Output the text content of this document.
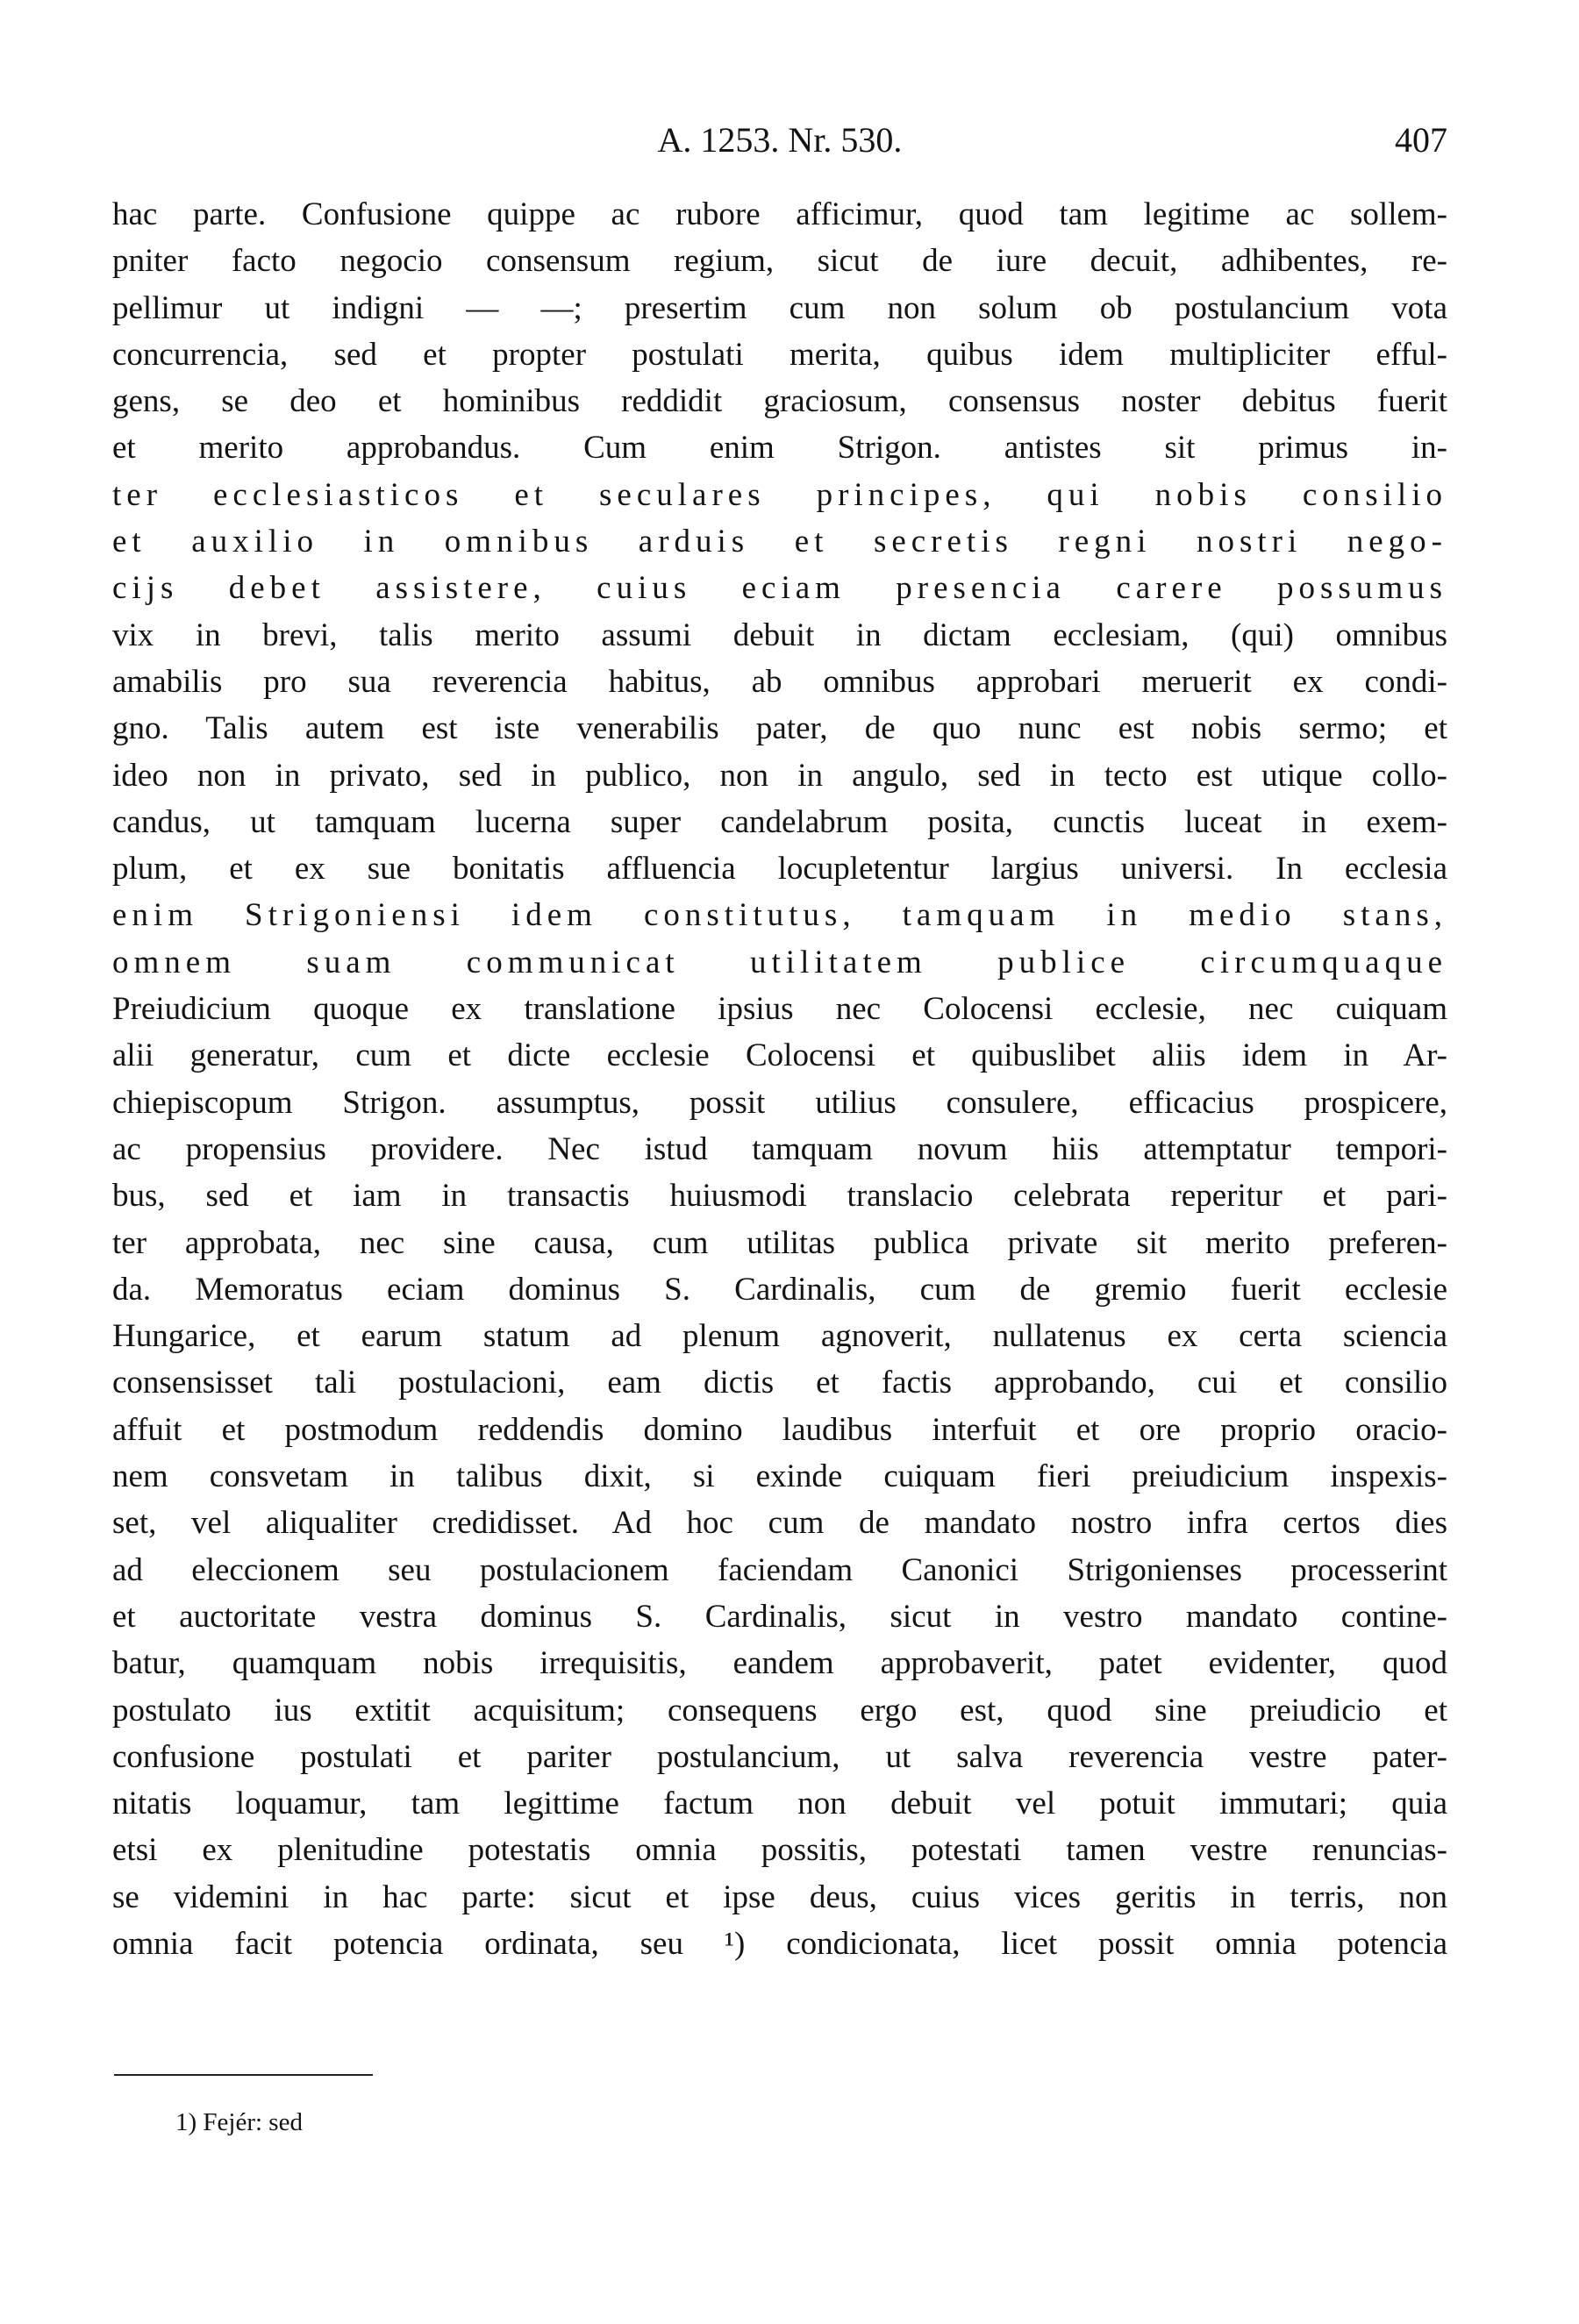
A. 1253. Nr. 530.	407
hac parte. Confusione quippe ac rubore afficimur, quod tam legitime ac sollem-
pniter facto negocio consensum regium, sicut de iure decuit, adhibentes, re-
pellimur ut indigni — —; presertim cum non solum ob postulancium vota
concurrencia, sed et propter postulati merita, quibus idem multipliciter efful-
gens, se deo et hominibus reddidit graciosum, consensus noster debitus fuerit
et merito approbandus. Cum enim Strigon. antistes sit primus in-
ter ecclesiasticos et seculares principes, qui nobis consilio
et auxilio in omnibus arduis et secretis regni nostri nego-
cijs debet assistere, cuius eciam presencia carere possumus
vix in brevi, talis merito assumi debuit in dictam ecclesiam, (qui) omnibus
amabilis pro sua reverencia habitus, ab omnibus approbari meruerit ex condi-
gno. Talis autem est iste venerabilis pater, de quo nunc est nobis sermo; et
ideo non in privato, sed in publico, non in angulo, sed in tecto est utique collo-
candus, ut tamquam lucerna super candelabrum posita, cunctis luceat in exem-
plum, et ex sue bonitatis affluencia locupletentur largius universi. In ecclesia
enim Strigoniensi idem constitutus, tamquam in medio stans,
omnem suam communicat utilitatem publice circumquaque
Preiudicium quoque ex translatione ipsius nec Colocensi ecclesie, nec cuiquam
alii generatur, cum et dicte ecclesie Colocensi et quibuslibet aliis idem in Ar-
chiepiscopum Strigon. assumptus, possit utilius consulere, efficacius prospicere,
ac propensius providere. Nec istud tamquam novum hiis attemptatur tempori-
bus, sed et iam in transactis huiusmodi translacio celebrata reperitur et pari-
ter approbata, nec sine causa, cum utilitas publica private sit merito preferen-
da. Memoratus eciam dominus S. Cardinalis, cum de gremio fuerit ecclesie
Hungarice, et earum statum ad plenum agnoverit, nullatenus ex certa sciencia
consensisset tali postulacioni, eam dictis et factis approbando, cui et consilio
affuit et postmodum reddendis domino laudibus interfuit et ore proprio oracio-
nem consvetam in talibus dixit, si exinde cuiquam fieri preiudicium inspexis-
set, vel aliqualiter credidisset. Ad hoc cum de mandato nostro infra certos dies
ad eleccionem seu postulacionem faciendam Canonici Strigonienses processerint
et auctoritate vestra dominus S. Cardinalis, sicut in vestro mandato contine-
batur, quamquam nobis irrequisitis, eandem approbaverit, patet evidenter, quod
postulato ius extitit acquisitum; consequens ergo est, quod sine preiudicio et
confusione postulati et pariter postulancium, ut salva reverencia vestre pater-
nitatis loquamur, tam legittime factum non debuit vel potuit immutari; quia
etsi ex plenitudine potestatis omnia possitis, potestati tamen vestre renuncias-
se videmini in hac parte: sicut et ipse deus, cuius vices geritis in terris, non
omnia facit potencia ordinata, seu ¹) condicionata, licet possit omnia potencia
1) Fejér: sed
